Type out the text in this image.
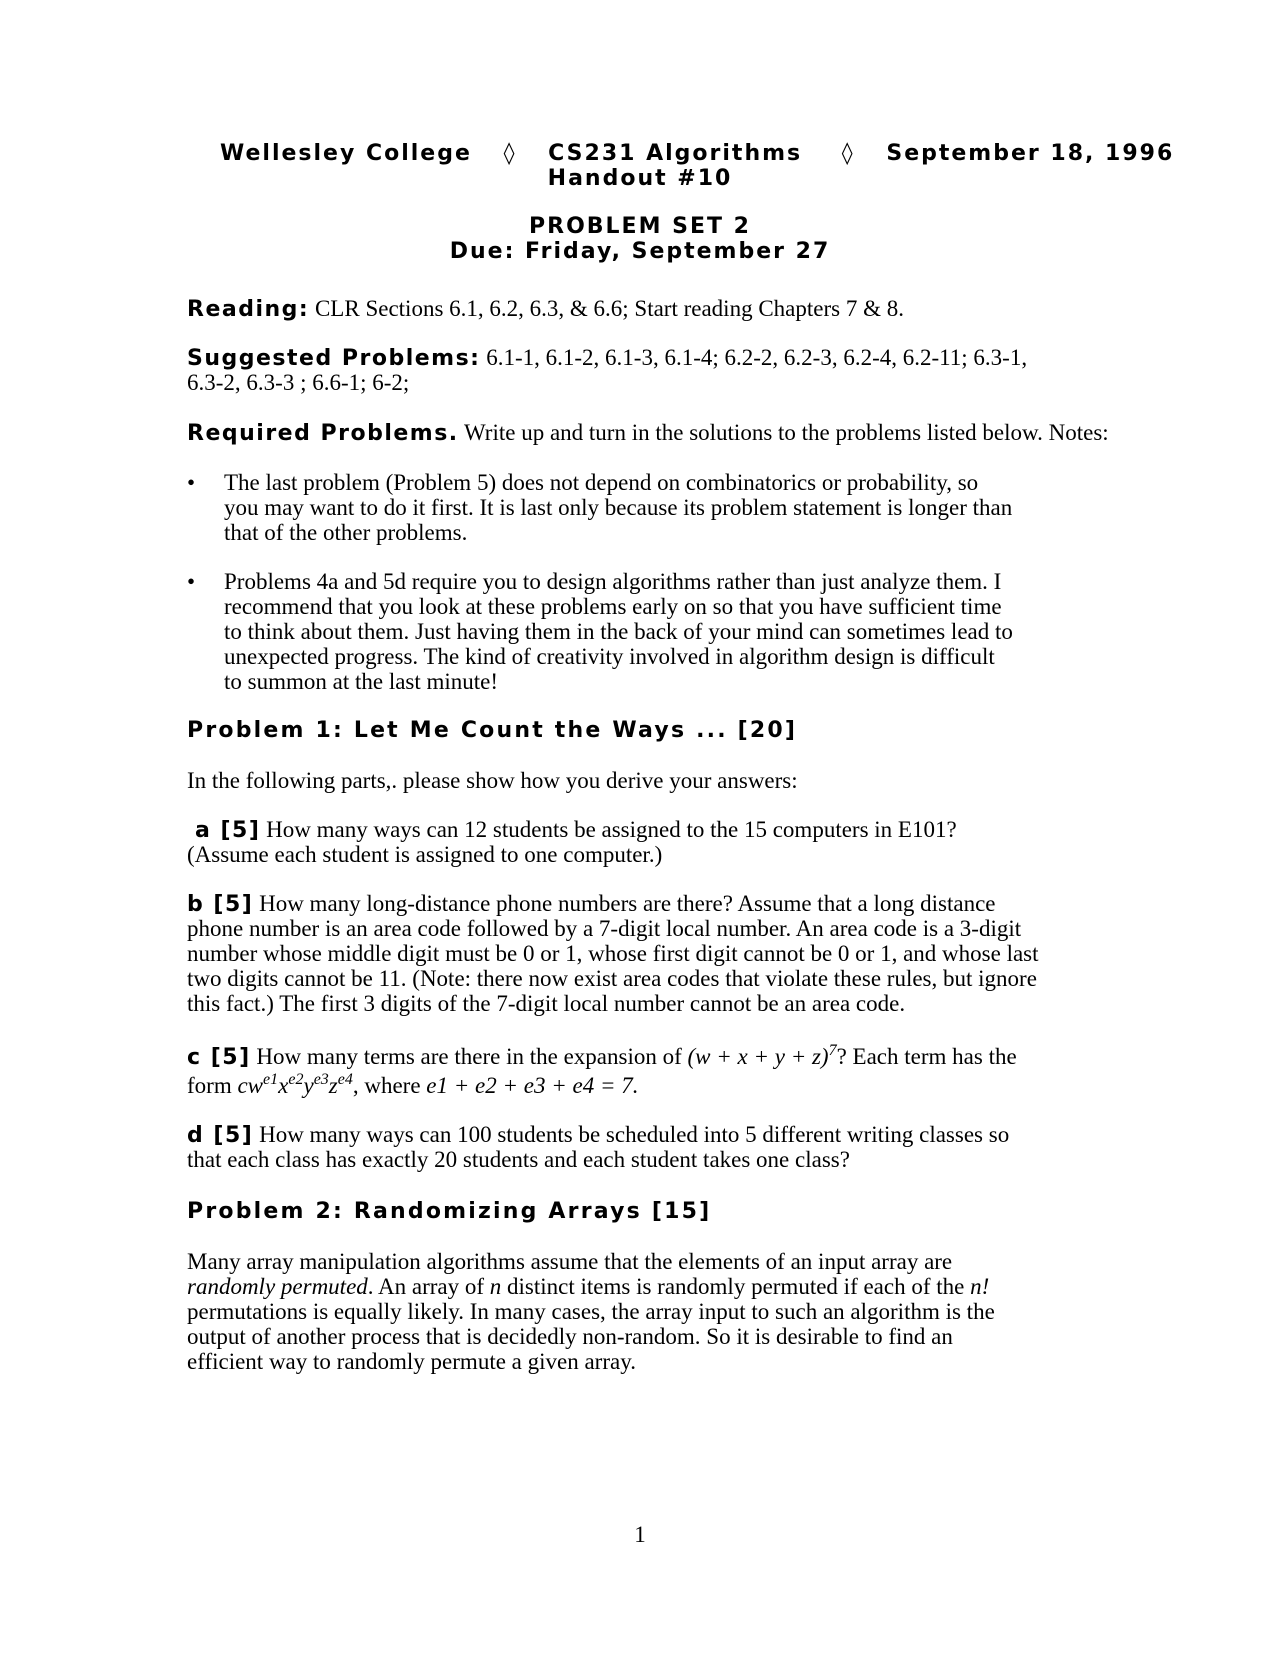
Wellesley College ◊ CS231 Algorithms ◊ September 18, 1996
Handout #10
PROBLEM SET 2
Due: Friday, September 27
Reading: CLR Sections 6.1, 6.2, 6.3, & 6.6; Start reading Chapters 7 & 8.
Suggested Problems: 6.1-1, 6.1-2, 6.1-3, 6.1-4; 6.2-2, 6.2-3, 6.2-4, 6.2-11; 6.3-1,
6.3-2, 6.3-3 ; 6.6-1; 6-2;
Required Problems. Write up and turn in the solutions to the problems listed below. Notes:
• The last problem (Problem 5) does not depend on combinatorics or probability, so
you may want to do it first. It is last only because its problem statement is longer than
that of the other problems.
• Problems 4a and 5d require you to design algorithms rather than just analyze them. I
recommend that you look at these problems early on so that you have sufficient time
to think about them. Just having them in the back of your mind can sometimes lead to
unexpected progress. The kind of creativity involved in algorithm design is difficult
to summon at the last minute!
Problem 1: Let Me Count the Ways ... [20]
In the following parts,. please show how you derive your answers:
a [5] How many ways can 12 students be assigned to the 15 computers in E101?
(Assume each student is assigned to one computer.)
b [5] How many long-distance phone numbers are there? Assume that a long distance
phone number is an area code followed by a 7-digit local number. An area code is a 3-digit
number whose middle digit must be 0 or 1, whose first digit cannot be 0 or 1, and whose last
two digits cannot be 11. (Note: there now exist area codes that violate these rules, but ignore
this fact.) The first 3 digits of the 7-digit local number cannot be an area code.
c [5] How many terms are there in the expansion of $(w + x + y + z)^7$? Each term has the
form $cw^{e1}x^{e2}y^{e3}z^{e4}$, where e1 + e2 + e3 + e4 = 7.
d [5] How many ways can 100 students be scheduled into 5 different writing classes so
that each class has exactly 20 students and each student takes one class?
Problem 2: Randomizing Arrays [15]
Many array manipulation algorithms assume that the elements of an input array are
randomly permuted. An array of n distinct items is randomly permuted if each of the n!
permutations is equally likely. In many cases, the array input to such an algorithm is the
output of another process that is decidedly non-random. So it is desirable to find an
efficient way to randomly permute a given array.
1
